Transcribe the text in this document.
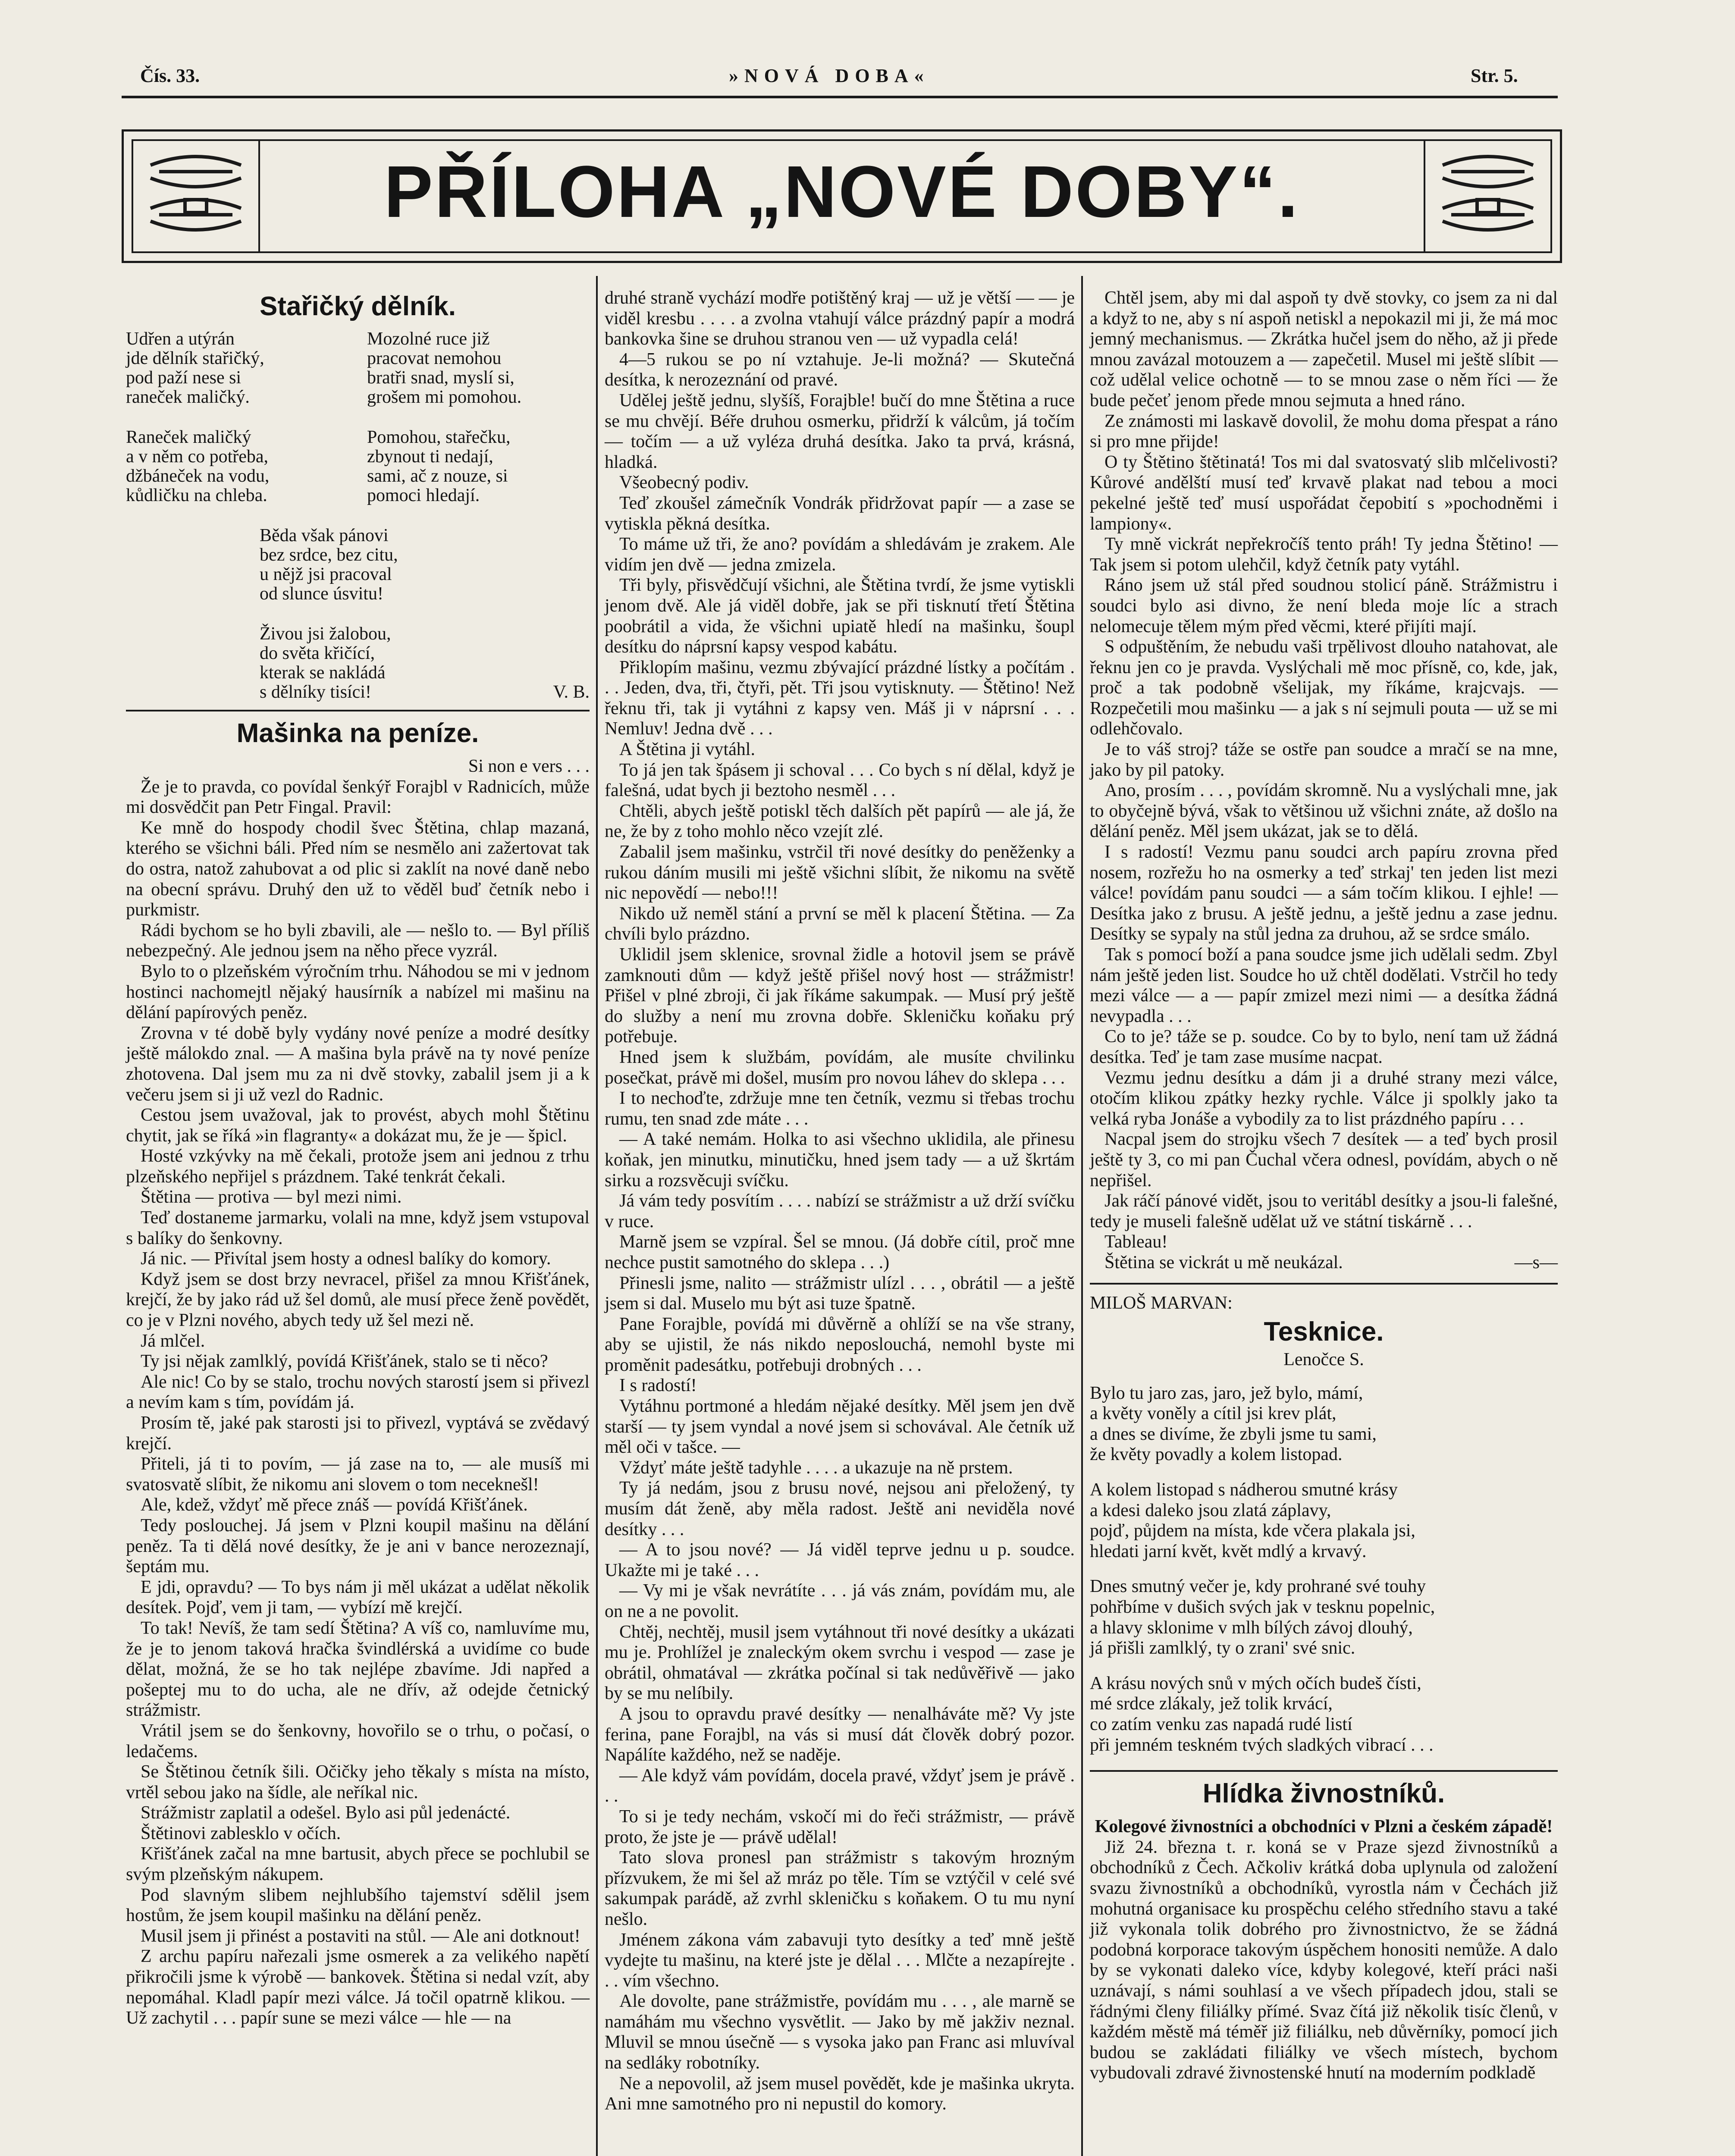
Čís. 33.	»NOVÁ DOBA«	Str. 5.
PŘÍLOHA „NOVÉ DOBY“.
Stařičký dělník.
Udřen a utýrán
jde dělník stařičký,
pod paží nese si
raneček maličký.
Mozolné ruce již
pracovat nemohou
bratři snad, myslí si,
grošem mi pomohou.
Raneček maličký
a v něm co potřeba,
džbáneček na vodu,
kůdličku na chleba.
Pomohou, stařečku,
zbynout ti nedají,
sami, ač z nouze, si
pomoci hledají.
Běda však pánovi
bez srdce, bez citu,
u nějž jsi pracoval
od slunce úsvitu!
Živou jsi žalobou,
do světa křičící,
kterak se nakládá
s dělníky tisíci!	V. B.
Mašinka na peníze.

Si non e vers . . .

Že je to pravda, co povídal šenkýř Forajbl v Radnicích, může mi dosvědčit pan Petr Fingal. Pravil:

Ke mně do hospody chodil švec Štětina, chlap mazaná, kterého se všichni báli. Před ním se nesmělo ani zažertovat tak do ostra, natož zahubovat a od plic si zaklít na nové daně nebo na obecní správu. Druhý den už to věděl buď četník nebo i purkmistr.

Rádi bychom se ho byli zbavili, ale — nešlo to. — Byl příliš nebezpečný. Ale jednou jsem na něho přece vyzrál.

Bylo to o plzeňském výročním trhu. Náhodou se mi v jednom hostinci nachomejtl nějaký hausírník a nabízel mi mašinu na dělání papírových peněz.

Zrovna v té době byly vydány nové peníze a modré desítky ještě málokdo znal. — A mašina byla právě na ty nové peníze zhotovena. Dal jsem mu za ni dvě stovky, zabalil jsem ji a k večeru jsem si ji už vezl do Radnic.

Cestou jsem uvažoval, jak to provést, abych mohl Štětinu chytit, jak se říká »in flagranty« a dokázat mu, že je — špicl.

Hosté vzkývky na mě čekali, protože jsem ani jednou z trhu plzeňského nepřijel s prázdnem. Také tenkrát čekali.

Štětina — protiva — byl mezi nimi.

Teď dostaneme jarmarku, volali na mne, když jsem vstupoval s balíky do šenkovny.

Já nic. — Přivítal jsem hosty a odnesl balíky do komory.

Když jsem se dost brzy nevracel, přišel za mnou Křišťánek, krejčí, že by jako rád už šel domů, ale musí přece ženě povědět, co je v Plzni nového, abych tedy už šel mezi ně.

Já mlčel.

Ty jsi nějak zamlklý, povídá Křišťánek, stalo se ti něco?

Ale nic! Co by se stalo, trochu nových starostí jsem si přivezl a nevím kam s tím, povídám já.

Prosím tě, jaké pak starosti jsi to přivezl, vyptává se zvědavý krejčí.

Přiteli, já ti to povím, — já zase na to, — ale musíš mi svatosvatě slíbit, že nikomu ani slovem o tom neceknešl!

Ale, kdež, vždyť mě přece znáš — povídá Křišťánek.

Tedy poslouchej. Já jsem v Plzni koupil mašinu na dělání peněz. Ta ti dělá nové desítky, že je ani v bance nerozeznají, šeptám mu.

E jdi, opravdu? — To bys nám ji měl ukázat a udělat několik desítek. Pojď, vem ji tam, — vybízí mě krejčí.

To tak! Nevíš, že tam sedí Štětina? A víš co, namluvíme mu, že je to jenom taková hračka švindlérská a uvidíme co bude dělat, možná, že se ho tak nejlépe zbavíme. Jdi napřed a pošeptej mu to do ucha, ale ne dřív, až odejde četnický strážmistr.

Vrátil jsem se do šenkovny, hovořilo se o trhu, o počasí, o ledačems.

Se Štětinou četník šili. Očičky jeho těkaly s místa na místo, vrtěl sebou jako na šídle, ale neříkal nic.

Strážmistr zaplatil a odešel. Bylo asi půl jedenácté.

Štětinovi zablesklo v očích.

Křišťánek začal na mne bartusit, abych přece se pochlubil se svým plzeňským nákupem.

Pod slavným slibem nejhlubšího tajemství sdělil jsem hostům, že jsem koupil mašinku na dělání peněz.

Musil jsem ji přinést a postaviti na stůl. — Ale ani dotknout!

Z archu papíru nařezali jsme osmerek a za velikého napětí přikročili jsme k výrobě — bankovek. Štětina si nedal vzít, aby nepomáhal. Kladl papír mezi válce. Já točil opatrně klikou. — Už zachytil . . . papír sune se mezi válce — hle — na

druhé straně vychází modře potištěný kraj — už je větší — — je viděl kresbu . . . . a zvolna vtahují válce prázdný papír a modrá bankovka šine se druhou stranou ven — už vypadla celá!

4—5 rukou se po ní vztahuje. Je-li možná? — Skutečná desítka, k nerozeznání od pravé.

Udělej ještě jednu, slyšíš, Forajble! bučí do mne Štětina a ruce se mu chvějí. Béře druhou osmerku, přidrží k válcům, já točím — točím — a už vyléza druhá desítka. Jako ta prvá, krásná, hladká.

Všeobecný podiv.

Teď zkoušel zámečník Vondrák přidržovat papír — a zase se vytiskla pěkná desítka.

To máme už tři, že ano? povídám a shledávám je zrakem. Ale vidím jen dvě — jedna zmizela.

Tři byly, přisvědčují všichni, ale Štětina tvrdí, že jsme vytiskli jenom dvě. Ale já viděl dobře, jak se při tisknutí třetí Štětina poobrátil a vida, že všichni upiatě hledí na mašinku, šoupl desítku do náprsní kapsy vespod kabátu.

Přiklopím mašinu, vezmu zbývající prázdné lístky a počítám . . . Jeden, dva, tři, čtyři, pět. Tři jsou vytisknuty. — Štětino! Než řeknu tři, tak ji vytáhni z kapsy ven. Máš ji v náprsní . . . Nemluv! Jedna dvě . . .

A Štětina ji vytáhl.

To já jen tak špásem ji schoval . . . Co bych s ní dělal, když je falešná, udat bych ji beztoho nesměl . . .

Chtěli, abych ještě potiskl těch dalších pět papírů — ale já, že ne, že by z toho mohlo něco vzejít zlé.

Zabalil jsem mašinku, vstrčil tři nové desítky do peněženky a rukou dáním musili mi ještě všichni slíbit, že nikomu na světě nic nepovědí — nebo!!!

Nikdo už neměl stání a první se měl k placení Štětina. — Za chvíli bylo prázdno.

Uklidil jsem sklenice, srovnal židle a hotovil jsem se právě zamknouti dům — když ještě přišel nový host — strážmistr! Přišel v plné zbroji, či jak říkáme sakumpak. — Musí prý ještě do služby a není mu zrovna dobře. Skleničku koňaku prý potřebuje.

Hned jsem k službám, povídám, ale musíte chvilinku posečkat, právě mi došel, musím pro novou láhev do sklepa . . .

I to nechoďte, zdržuje mne ten četník, vezmu si třebas trochu rumu, ten snad zde máte . . .

— A také nemám. Holka to asi všechno uklidila, ale přinesu koňak, jen minutku, minutičku, hned jsem tady — a už škrtám sirku a rozsvěcuji svíčku.

Já vám tedy posvítím . . . . nabízí se strážmistr a už drží svíčku v ruce.

Marně jsem se vzpíral. Šel se mnou. (Já dobře cítil, proč mne nechce pustit samotného do sklepa . . .)

Přinesli jsme, nalito — strážmistr ulízl . . . , obrátil — a ještě jsem si dal. Muselo mu být asi tuze špatně.

Pane Forajble, povídá mi důvěrně a ohlíží se na vše strany, aby se ujistil, že nás nikdo neposlouchá, nemohl byste mi proměnit padesátku, potřebuji drobných . . .

I s radostí!

Vytáhnu portmoné a hledám nějaké desítky. Měl jsem jen dvě starší — ty jsem vyndal a nové jsem si schovával. Ale četník už měl oči v tašce. —

Vždyť máte ještě tadyhle . . . . a ukazuje na ně prstem.

Ty já nedám, jsou z brusu nové, nejsou ani přeložený, ty musím dát ženě, aby měla radost. Ještě ani neviděla nové desítky . . .

— A to jsou nové? — Já viděl teprve jednu u p. soudce. Ukažte mi je také . . .

— Vy mi je však nevrátíte . . . já vás znám, povídám mu, ale on ne a ne povolit.

Chtěj, nechtěj, musil jsem vytáhnout tři nové desítky a ukázati mu je. Prohlížel je znaleckým okem svrchu i vespod — zase je obrátil, ohmatával — zkrátka počínal si tak nedůvěřivě — jako by se mu nelíbily.

A jsou to opravdu pravé desítky — nenalháváte mě? Vy jste ferina, pane Forajbl, na vás si musí dát člověk dobrý pozor. Napálíte každého, než se naděje.

— Ale když vám povídám, docela pravé, vždyť jsem je právě . . .

To si je tedy nechám, vskočí mi do řeči strážmistr, — právě proto, že jste je — právě udělal!

Tato slova pronesl pan strážmistr s takovým hrozným přízvukem, že mi šel až mráz po těle. Tím se vztýčil v celé své sakumpak parádě, až zvrhl skleničku s koňakem. O tu mu nyní nešlo.

Jménem zákona vám zabavuji tyto desítky a teď mně ještě vydejte tu mašinu, na které jste je dělal . . . Mlčte a nezapírejte . . . vím všechno.

Ale dovolte, pane strážmistře, povídám mu . . . , ale marně se namáhám mu všechno vysvětlit. — Jako by mě jakživ neznal. Mluvil se mnou úsečně — s vysoka jako pan Franc asi mluvíval na sedláky robotníky.

Ne a nepovolil, až jsem musel povědět, kde je mašinka ukryta. Ani mne samotného pro ni nepustil do komory.

Chtěl jsem, aby mi dal aspoň ty dvě stovky, co jsem za ni dal a když to ne, aby s ní aspoň netiskl a nepokazil mi ji, že má moc jemný mechanismus. — Zkrátka hučel jsem do něho, až ji přede mnou zavázal motouzem a — zapečetil. Musel mi ještě slíbit — což udělal velice ochotně — to se mnou zase o něm říci — že bude pečeť jenom přede mnou sejmuta a hned ráno.

Ze známosti mi laskavě dovolil, že mohu doma přespat a ráno si pro mne přijde!

O ty Štětino štětinatá! Tos mi dal svatosvatý slib mlčelivosti? Kůrové andělští musí teď krvavě plakat nad tebou a moci pekelné ještě teď musí uspořádat čepobití s »pochodněmi i lampiony«.

Ty mně vickrát nepřekročíš tento práh! Ty jedna Štětino! — Tak jsem si potom ulehčil, když četník paty vytáhl.

Ráno jsem už stál před soudnou stolicí páně. Strážmistru i soudci bylo asi divno, že není bleda moje líc a strach nelomecuje tělem mým před věcmi, které přijíti mají.

S odpuštěním, že nebudu vaši trpělivost dlouho natahovat, ale řeknu jen co je pravda. Vyslýchali mě moc přísně, co, kde, jak, proč a tak podobně všelijak, my říkáme, krajcvajs. — Rozpečetili mou mašinku — a jak s ní sejmuli pouta — už se mi odlehčovalo.

Je to váš stroj? táže se ostře pan soudce a mračí se na mne, jako by pil patoky.

Ano, prosím . . . , povídám skromně. Nu a vyslýchali mne, jak to obyčejně bývá, však to většinou už všichni znáte, až došlo na dělání peněz. Měl jsem ukázat, jak se to dělá.

I s radostí! Vezmu panu soudci arch papíru zrovna před nosem, rozřežu ho na osmerky a teď strkaj' ten jeden list mezi válce! povídám panu soudci — a sám točím klikou. I ejhle! — Desítka jako z brusu. A ještě jednu, a ještě jednu a zase jednu. Desítky se sypaly na stůl jedna za druhou, až se srdce smálo.

Tak s pomocí boží a pana soudce jsme jich udělali sedm. Zbyl nám ještě jeden list. Soudce ho už chtěl dodělati. Vstrčil ho tedy mezi válce — a — papír zmizel mezi nimi — a desítka žádná nevypadla . . .

Co to je? táže se p. soudce. Co by to bylo, není tam už žádná desítka. Teď je tam zase musíme nacpat.

Vezmu jednu desítku a dám ji a druhé strany mezi válce, otočím klikou zpátky hezky rychle. Válce ji spolkly jako ta velká ryba Jonáše a vybodily za to list prázdného papíru . . .

Nacpal jsem do strojku všech 7 desítek — a teď bych prosil ještě ty 3, co mi pan Čuchal včera odnesl, povídám, abych o ně nepřišel.

Jak ráčí pánové vidět, jsou to veritábl desítky a jsou-li falešné, tedy je museli falešně udělat už ve státní tiskárně . . .

Tableau!

Štětina se vickrát u mě neukázal.	—s—

MILOŠ MARVAN:

Tesknice.

Lenočce S.

Bylo tu jaro zas, jaro, jež bylo, mámí,
a květy voněly a cítil jsi krev plát,
a dnes se divíme, že zbyli jsme tu sami,
že květy povadly a kolem listopad.
A kolem listopad s nádherou smutné krásy
a kdesi daleko jsou zlatá záplavy,
pojď, půjdem na místa, kde včera plakala jsi,
hledati jarní květ, květ mdlý a krvavý.
Dnes smutný večer je, kdy prohrané své touhy
pohřbíme v dušich svých jak v tesknu popelnic,
a hlavy sklonime v mlh bílých závoj dlouhý,
já přišli zamlklý, ty o zrani' své snic.
A krásu nových snů v mých očích budeš čísti,
mé srdce zlákaly, jež tolik krvácí,
co zatím venku zas napadá rudé listí
při jemném teskném tvých sladkých vibrací . . .
Hlídka živnostníků.

Kolegové živnostníci a obchodníci v Plzni a českém západě!

Již 24. března t. r. koná se v Praze sjezd živnostníků a obchodníků z Čech. Ačkoliv krátká doba uplynula od založení svazu živnostníků a obchodníků, vyrostla nám v Čechách již mohutná organisace ku prospěchu celého středního stavu a také již vykonala tolik dobrého pro živnostnictvo, že se žádná podobná korporace takovým úspěchem honositi nemůže. A dalo by se vykonati daleko více, kdyby kolegové, kteří práci naši uznávají, s námi souhlasí a ve všech případech jdou, stali se řádnými členy filiálky přímé. Svaz čítá již několik tisíc členů, v každém městě má téměř již filiálku, neb důvěrníky, pomocí jich budou se zakládati filiálky ve všech místech, bychom vybudovali zdravé živnostenské hnutí na moderním podkladě
